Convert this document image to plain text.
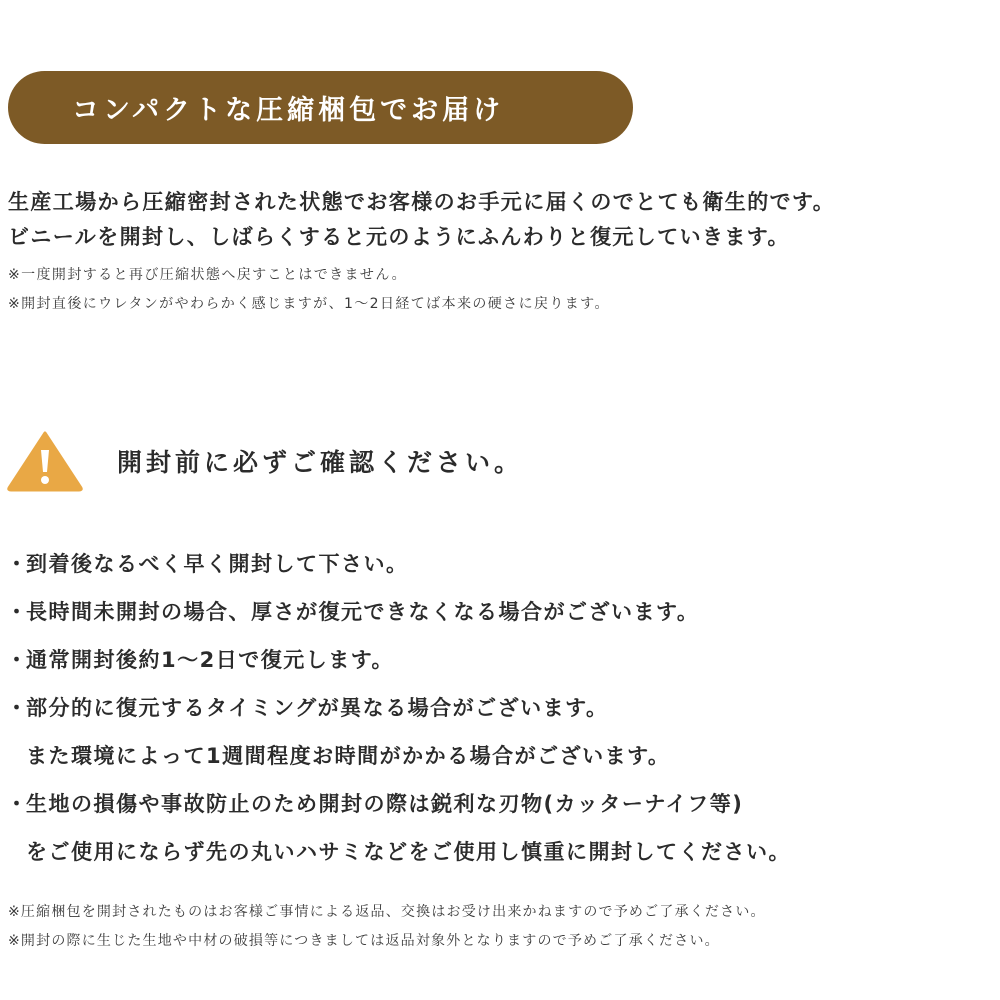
コンパクトな圧縮梱包でお届け
生産工場から圧縮密封された状態でお客様のお手元に届くのでとても衛生的です。
ビニールを開封し、しばらくすると元のようにふんわりと復元していきます。
※一度開封すると再び圧縮状態へ戻すことはできません。
※開封直後にウレタンがやわらかく感じますが、1～2日経てば本来の硬さに戻ります。
開封前に必ずご確認ください。
・
到着後なるべく早く開封して下さい。
・
長時間未開封の場合、厚さが復元できなくなる場合がございます。
・
通常開封後約1～2日で復元します。
・
部分的に復元するタイミングが異なる場合がございます。
また環境によって1週間程度お時間がかかる場合がございます。
・
生地の損傷や事故防止のため開封の際は鋭利な刃物(カッターナイフ等)
をご使用にならず先の丸いハサミなどをご使用し慎重に開封してください。
※圧縮梱包を開封されたものはお客様ご事情による返品、交換はお受け出来かねますので予めご了承ください。
※開封の際に生じた生地や中材の破損等につきましては返品対象外となりますので予めご了承ください。
